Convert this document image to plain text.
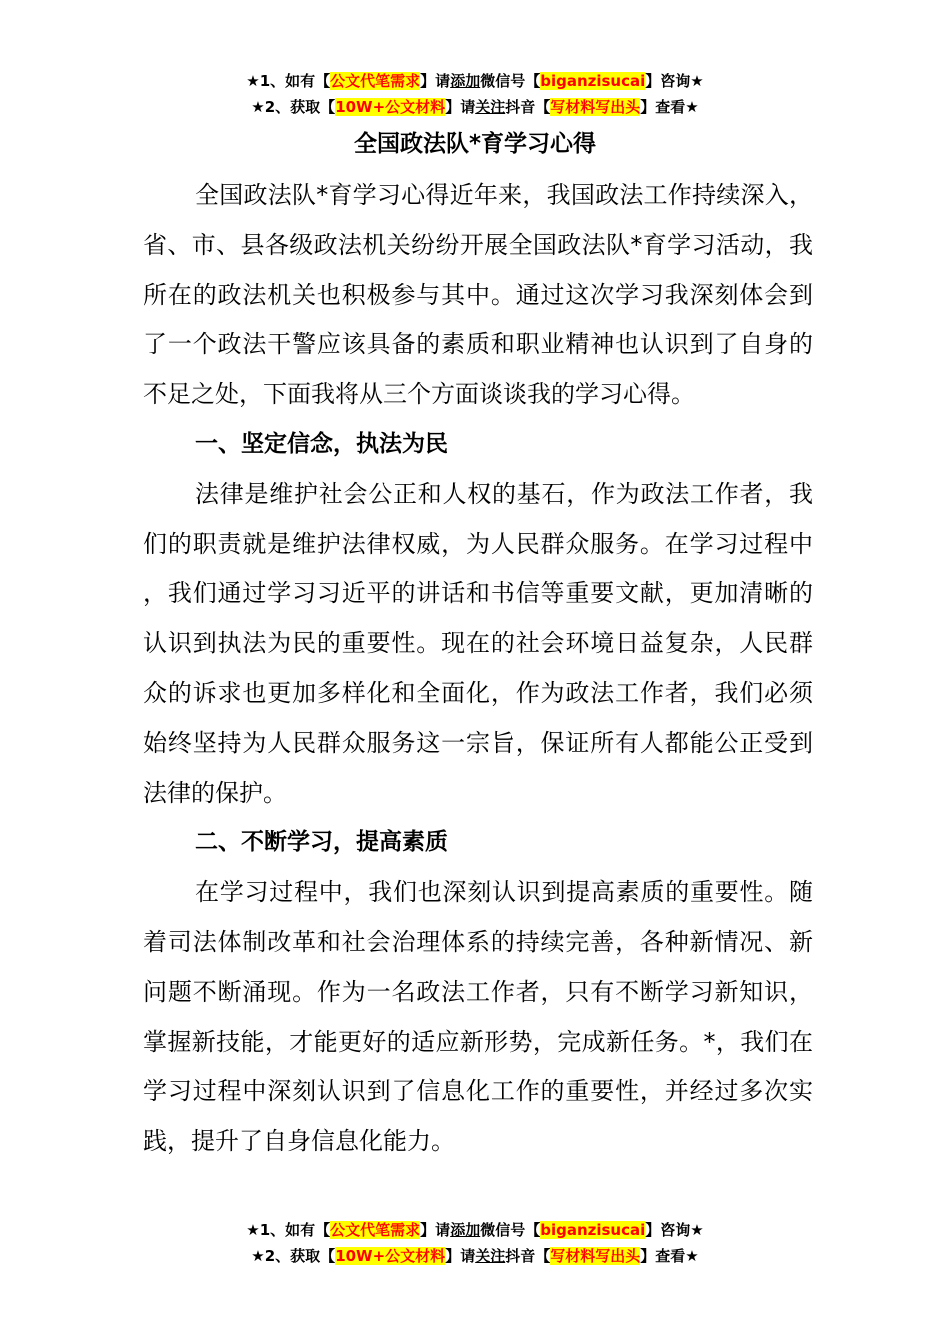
★1、如有【公文代笔需求】请添加微信号【biganzisucai】咨询★
★2、获取【10W+公文材料】请关注抖音【写材料写出头】查看★
全国政法队*育学习心得

全国政法队*育学习心得近年来，我国政法工作持续深入，省、市、县各级政法机关纷纷开展全国政法队*育学习活动，我所在的政法机关也积极参与其中。通过这次学习我深刻体会到了一个政法干警应该具备的素质和职业精神也认识到了自身的不足之处，下面我将从三个方面谈谈我的学习心得。

一、坚定信念，执法为民

法律是维护社会公正和人权的基石，作为政法工作者，我们的职责就是维护法律权威，为人民群众服务。在学习过程中，我们通过学习习近平的讲话和书信等重要文献，更加清晰的认识到执法为民的重要性。现在的社会环境日益复杂，人民群众的诉求也更加多样化和全面化，作为政法工作者，我们必须始终坚持为人民群众服务这一宗旨，保证所有人都能公正受到法律的保护。

二、不断学习，提高素质

在学习过程中，我们也深刻认识到提高素质的重要性。随着司法体制改革和社会治理体系的持续完善，各种新情况、新问题不断涌现。作为一名政法工作者，只有不断学习新知识，掌握新技能，才能更好的适应新形势，完成新任务。*，我们在学习过程中深刻认识到了信息化工作的重要性，并经过多次实践，提升了自身信息化能力。

★1、如有【公文代笔需求】请添加微信号【biganzisucai】咨询★
★2、获取【10W+公文材料】请关注抖音【写材料写出头】查看★
